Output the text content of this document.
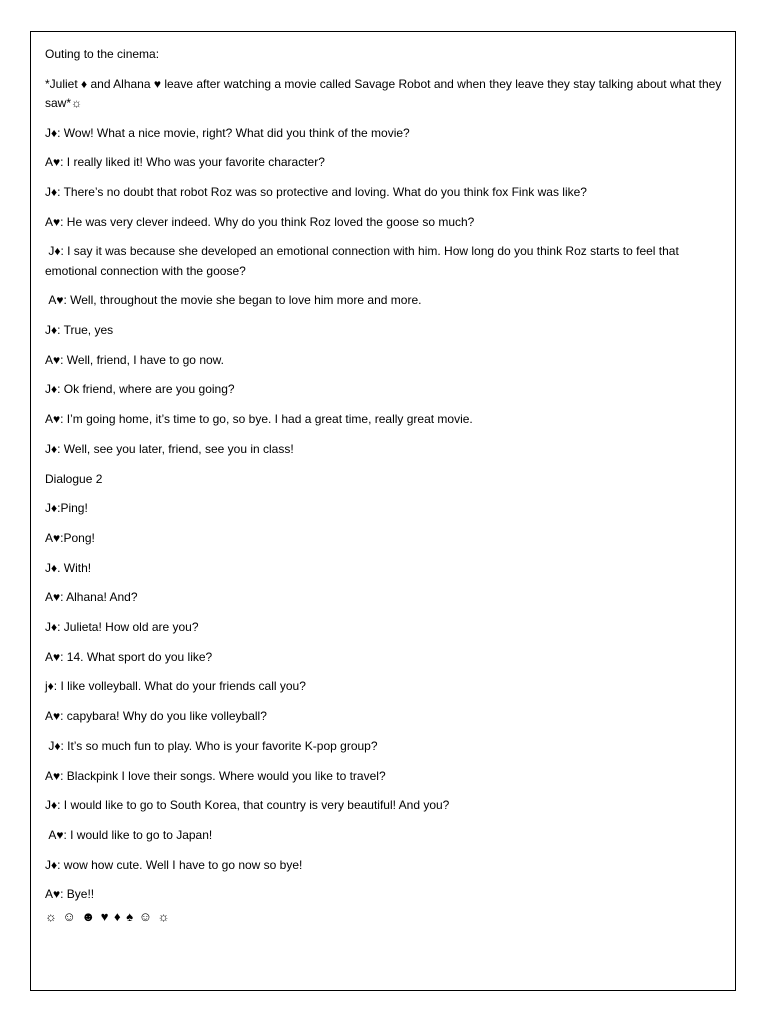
Outing to the cinema:

*Juliet ♦ and Alhana ♥ leave after watching a movie called Savage Robot and when they leave they stay talking about what they saw*☼

J♦: Wow! What a nice movie, right? What did you think of the movie?

A♥: I really liked it! Who was your favorite character?

J♦: There’s no doubt that robot Roz was so protective and loving. What do you think fox Fink was like?

A♥: He was very clever indeed. Why do you think Roz loved the goose so much?

J♦: I say it was because she developed an emotional connection with him. How long do you think Roz starts to feel that emotional connection with the goose?

A♥: Well, throughout the movie she began to love him more and more.

J♦: True, yes

A♥: Well, friend, I have to go now.

J♦: Ok friend, where are you going?

A♥: I’m going home, it’s time to go, so bye. I had a great time, really great movie.

J♦: Well, see you later, friend, see you in class!

Dialogue 2

J♦:Ping!

A♥:Pong!

J♦. With!

A♥: Alhana! And?

J♦: Julieta! How old are you?

A♥: 14. What sport do you like?

j♦: I like volleyball. What do your friends call you?

A♥: capybara! Why do you like volleyball?

J♦: It’s so much fun to play. Who is your favorite K-pop group?

A♥: Blackpink I love their songs. Where would you like to travel?

J♦: I would like to go to South Korea, that country is very beautiful! And you?

A♥: I would like to go to Japan!

J♦: wow how cute. Well I have to go now so bye!

A♥: Bye!!

☼ ☺ ☻ ♥ ♦ ♠ ☺ ☼
